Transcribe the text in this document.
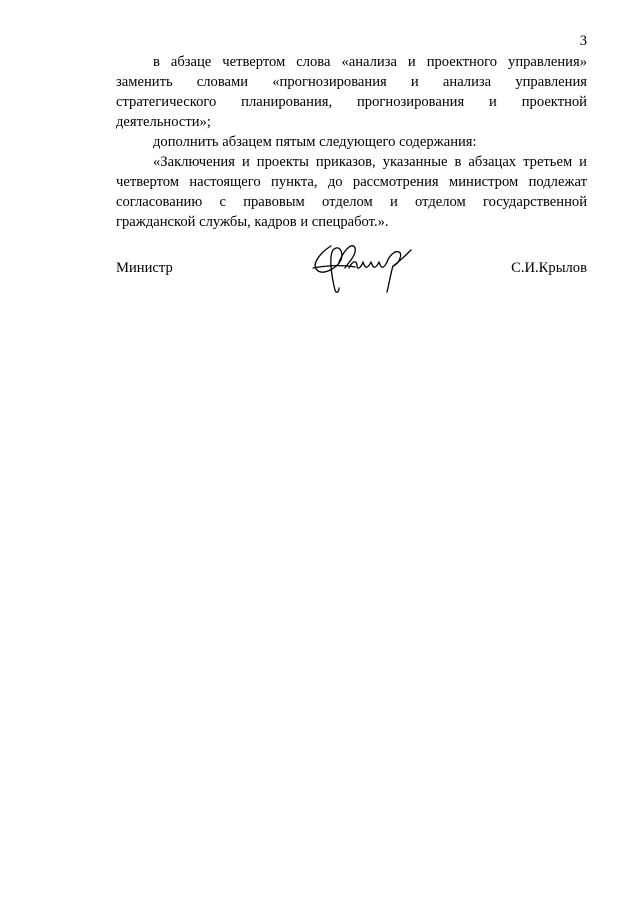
3

в абзаце четвертом слова «анализа и проектного управления» заменить словами «прогнозирования и анализа управления стратегического планирования, прогнозирования и проектной деятельности»;

дополнить абзацем пятым следующего содержания:

«Заключения и проекты приказов, указанные в абзацах третьем и четвертом настоящего пункта, до рассмотрения министром подлежат согласованию с правовым отделом и отделом государственной гражданской службы, кадров и спецработ.».

Министр	С.И.Крылов
